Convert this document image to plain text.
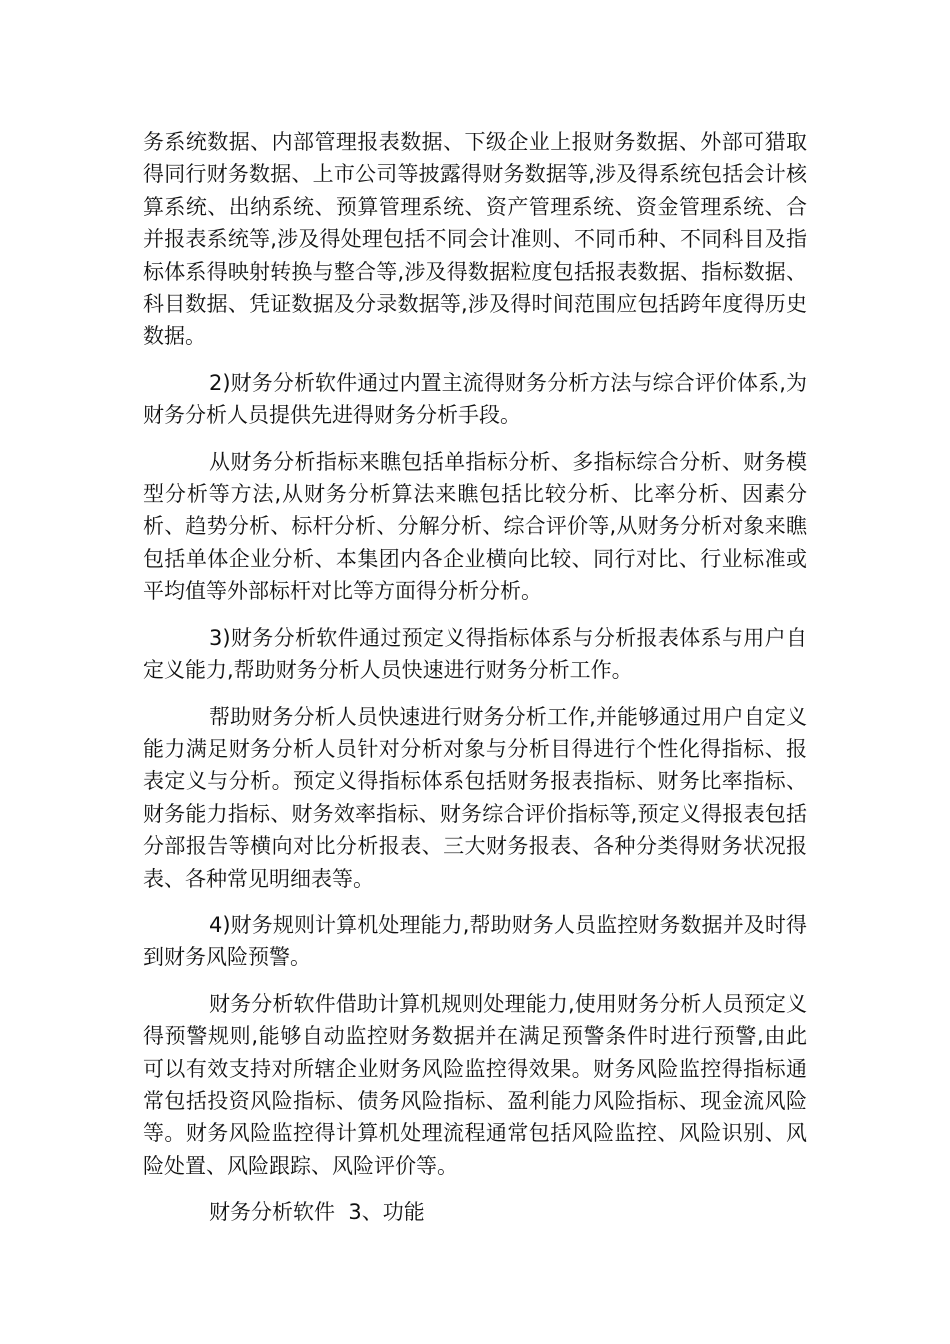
务系统数据、内部管理报表数据、下级企业上报财务数据、外部可猎取得同行财务数据、上市公司等披露得财务数据等,涉及得系统包括会计核算系统、出纳系统、预算管理系统、资产管理系统、资金管理系统、合并报表系统等,涉及得处理包括不同会计准则、不同币种、不同科目及指标体系得映射转换与整合等,涉及得数据粒度包括报表数据、指标数据、科目数据、凭证数据及分录数据等,涉及得时间范围应包括跨年度得历史数据。

2)财务分析软件通过内置主流得财务分析方法与综合评价体系,为财务分析人员提供先进得财务分析手段。

从财务分析指标来瞧包括单指标分析、多指标综合分析、财务模型分析等方法,从财务分析算法来瞧包括比较分析、比率分析、因素分析、趋势分析、标杆分析、分解分析、综合评价等,从财务分析对象来瞧包括单体企业分析、本集团内各企业横向比较、同行对比、行业标准或平均值等外部标杆对比等方面得分析分析。

3)财务分析软件通过预定义得指标体系与分析报表体系与用户自定义能力,帮助财务分析人员快速进行财务分析工作。

帮助财务分析人员快速进行财务分析工作,并能够通过用户自定义能力满足财务分析人员针对分析对象与分析目得进行个性化得指标、报表定义与分析。预定义得指标体系包括财务报表指标、财务比率指标、财务能力指标、财务效率指标、财务综合评价指标等,预定义得报表包括分部报告等横向对比分析报表、三大财务报表、各种分类得财务状况报表、各种常见明细表等。

4)财务规则计算机处理能力,帮助财务人员监控财务数据并及时得到财务风险预警。

财务分析软件借助计算机规则处理能力,使用财务分析人员预定义得预警规则,能够自动监控财务数据并在满足预警条件时进行预警,由此可以有效支持对所辖企业财务风险监控得效果。财务风险监控得指标通常包括投资风险指标、债务风险指标、盈利能力风险指标、现金流风险等。财务风险监控得计算机处理流程通常包括风险监控、风险识别、风险处置、风险跟踪、风险评价等。

财务分析软件  3、功能
